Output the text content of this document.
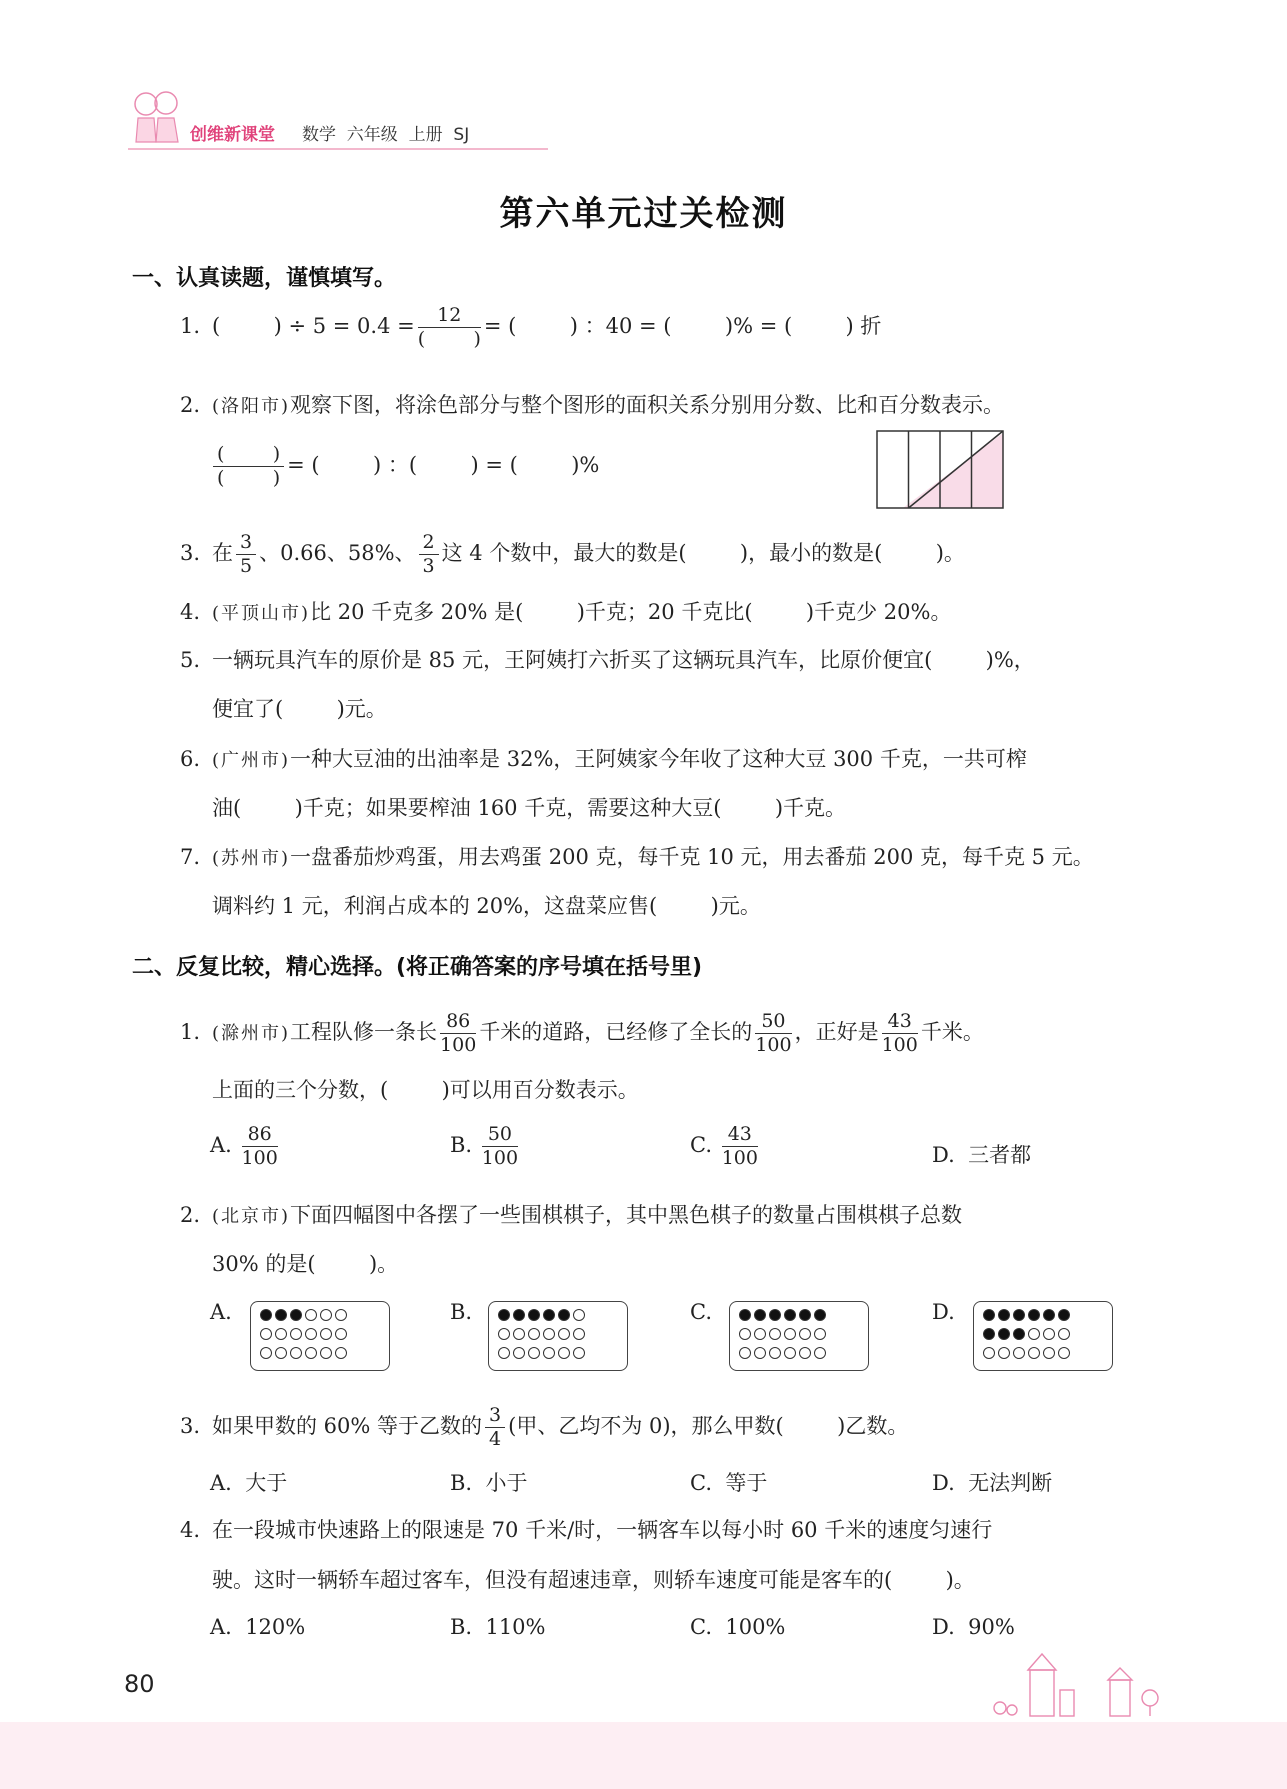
创维新课堂 数学  六年级  上册  SJ
第六单元过关检测
一、认真读题，谨慎填写。
1. (        ) ÷ $5 = 0.4 = \frac{12}{( )}$ = (        ) ：40 = (        )% = (        ) 折
2. (洛阳市)观察下图，将涂色部分与整个图形的面积关系分别用分数、比和百分数表示。
$\frac{( )}{( )}$ = (        ) ：(        ) = (        )%
3. 在 $\frac{3}{5}$ 、0.66、58%、 $\frac{2}{3}$ 这 4 个数中，最大的数是(        )，最小的数是(        )。
4. (平顶山市)比 20 千克多 20% 是(        )千克；20 千克比(        )千克少 20%。
5. 一辆玩具汽车的原价是 85 元，王阿姨打六折买了这辆玩具汽车，比原价便宜(        )%，
便宜了(        )元。
6. (广州市)一种大豆油的出油率是 32%，王阿姨家今年收了这种大豆 300 千克，一共可榨
油(        )千克；如果要榨油 160 千克，需要这种大豆(        )千克。
7. (苏州市)一盘番茄炒鸡蛋，用去鸡蛋 200 克，每千克 10 元，用去番茄 200 克，每千克 5 元。
调料约 1 元，利润占成本的 20%，这盘菜应售(        )元。
二、反复比较，精心选择。(将正确答案的序号填在括号里)
1. (滁州市)工程队修一条长 $\frac{86}{100}$ 千米的道路，已经修了全长的 $\frac{50}{100}$ ，正好是 $\frac{43}{100}$ 千米。
上面的三个分数，(        )可以用百分数表示。
A. $\frac{86}{100}$	B. $\frac{50}{100}$	C. $\frac{43}{100}$	D. 三者都
2. (北京市)下面四幅图中各摆了一些围棋棋子，其中黑色棋子的数量占围棋棋子总数
30% 的是(        )。
A.	B.	C.	D.
3. 如果甲数的 60% 等于乙数的 $\frac{3}{4}$ (甲、乙均不为 0)，那么甲数(        )乙数。
A.  大于	B.  小于	C.  等于	D.  无法判断
4. 在一段城市快速路上的限速是 70 千米/时，一辆客车以每小时 60 千米的速度匀速行
驶。这时一辆轿车超过客车，但没有超速违章，则轿车速度可能是客车的(        )。
A.  120%	B.  110%	C.  100%	D.  90%
80
